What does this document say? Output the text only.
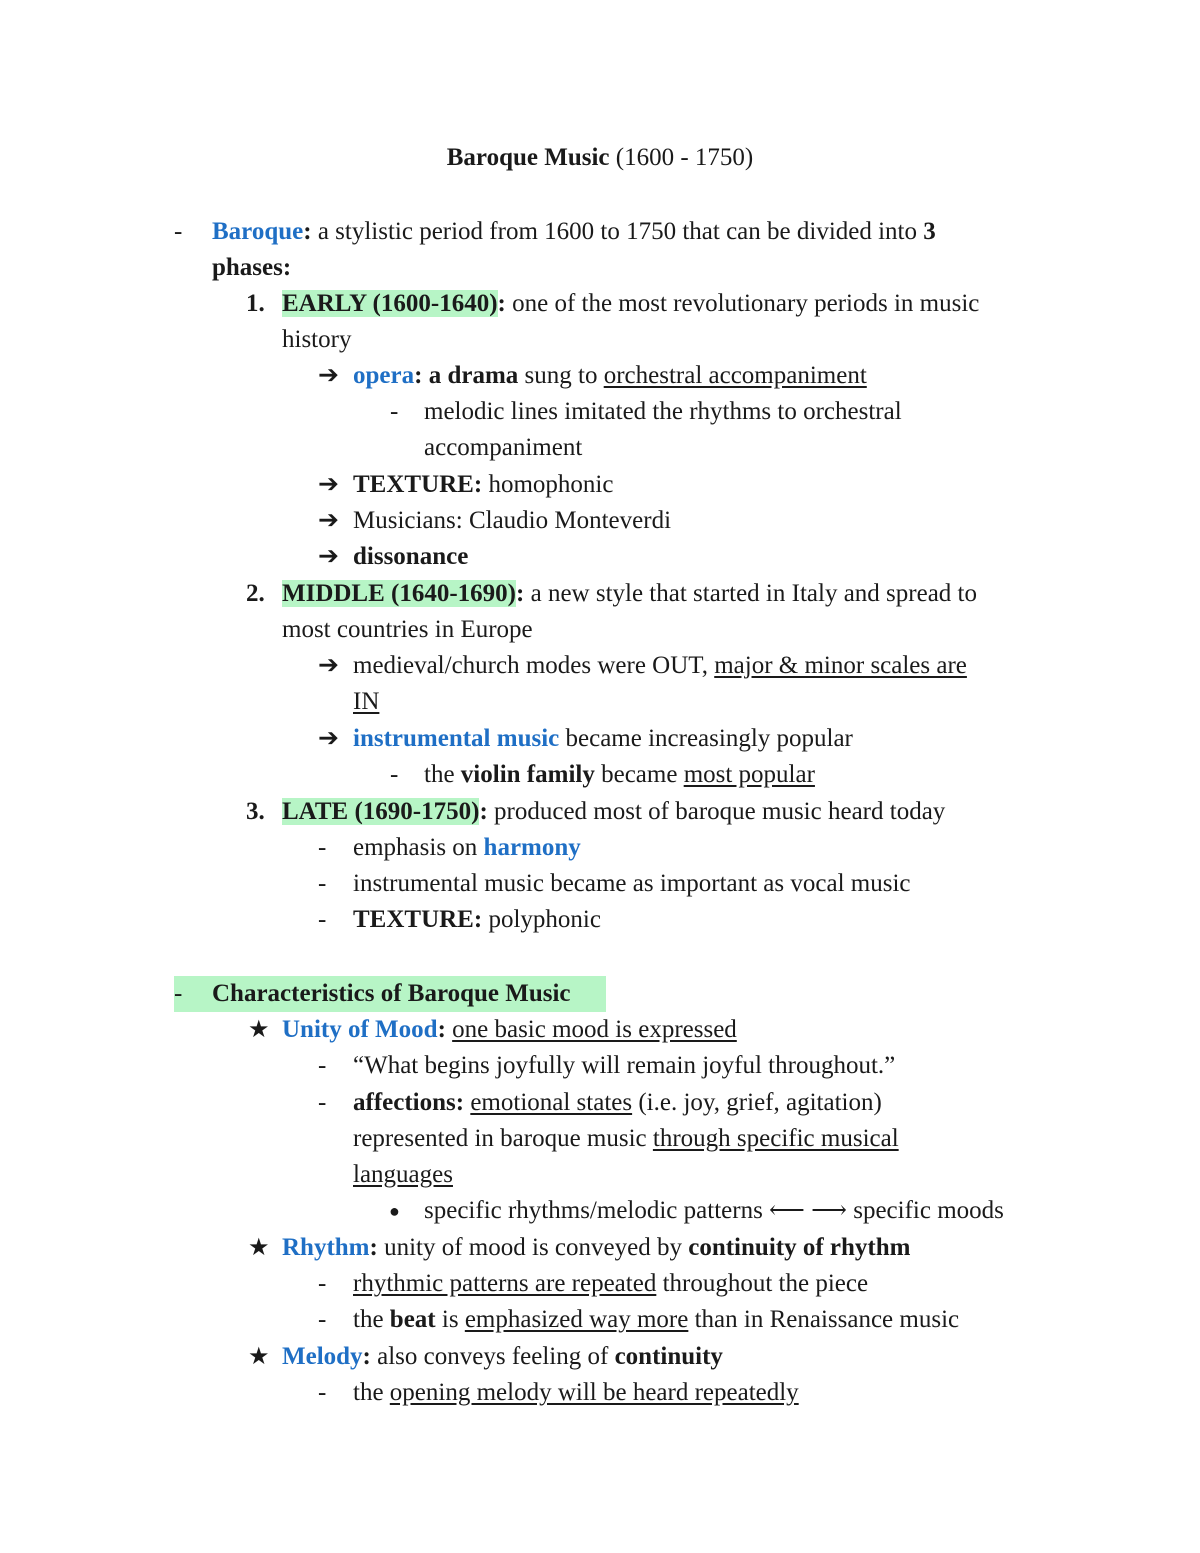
Baroque Music (1600 - 1750)
- Baroque: a stylistic period from 1600 to 1750 that can be divided into 3
phases:
1. EARLY (1600-1640): one of the most revolutionary periods in music
history
➔ opera: a drama sung to orchestral accompaniment
- melodic lines imitated the rhythms to orchestral
accompaniment
➔ TEXTURE: homophonic
➔ Musicians: Claudio Monteverdi
➔ dissonance
2. MIDDLE (1640-1690): a new style that started in Italy and spread to
most countries in Europe
➔ medieval/church modes were OUT, major & minor scales are
IN
➔ instrumental music became increasingly popular
- the violin family became most popular
3. LATE (1690-1750): produced most of baroque music heard today
- emphasis on harmony
- instrumental music became as important as vocal music
- TEXTURE: polyphonic
- Characteristics of Baroque Music
★ Unity of Mood: one basic mood is expressed
- “What begins joyfully will remain joyful throughout.”
- affections: emotional states (i.e. joy, grief, agitation)
represented in baroque music through specific musical
languages
● specific rhythms/melodic patterns ⟵ ⟶ specific moods
★ Rhythm: unity of mood is conveyed by continuity of rhythm
- rhythmic patterns are repeated throughout the piece
- the beat is emphasized way more than in Renaissance music
★ Melody: also conveys feeling of continuity
- the opening melody will be heard repeatedly
